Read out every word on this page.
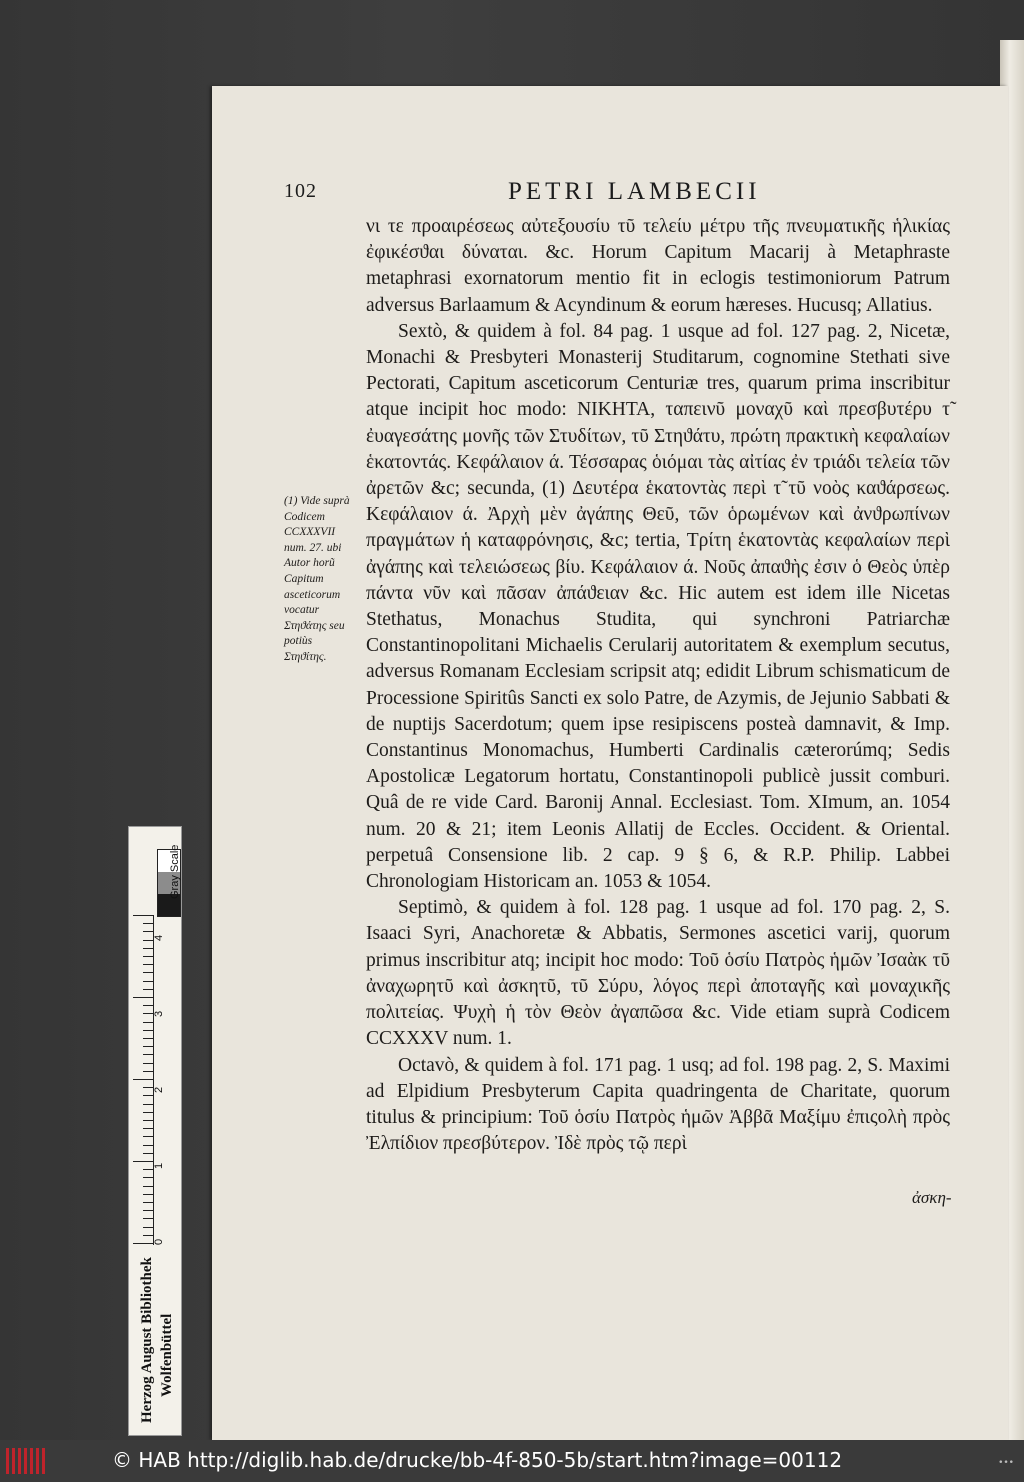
102	PETRI LAMBECII

νι τε προαιρέσεως αὐτεξουσίυ τῦ τελείυ μέτρυ τῆς πνευματικῆς ἡλικίας ἐφικέσϑαι δύναται. &c. Horum Capitum Macarij à Metaphraste metaphrasi exornatorum mentio fit in eclogis testimoniorum Patrum adversus Barlaamum & Acyndinum & eorum hæreses. Hucusq; Allatius.

Sextò, & quidem à fol. 84 pag. 1 usque ad fol. 127 pag. 2, Nicetæ, Monachi & Presbyteri Monasterij Studitarum, cognomine Stethati sive Pectorati, Capitum asceticorum Centuriæ tres, quarum prima inscribitur atque incipit hoc modo: ΝΙΚΗΤΑ, ταπεινῦ μοναχῦ καὶ πρεσβυτέρυ τ̃ ἐυαγεσάτης μονῆς τῶν Στυδίτων, τῦ Στηϑάτυ, πρώτη πρακτικὴ κεφαλαίων ἑκατοντάς. Κεφάλαιον ά. Τέσσαρας ὁιόμαι τὰς αἰτίας ἐν τριάδι τελεία τῶν ἀρετῶν &c; secunda, (1) Δευτέρα ἑκατοντὰς περὶ τ̃ τῦ νοὸς καϑάρσεως. Κεφάλαιον ά. Ἀρχὴ μὲν ἀγάπης Θεῦ, τῶν ὁρωμένων καὶ ἀνϑρωπίνων πραγμάτων ἡ καταφρόνησις, &c; tertia, Τρίτη ἑκατοντὰς κεφαλαίων περὶ ἀγάπης καὶ τελειώσεως βίυ. Κεφάλαιον ά. Νοῦς ἀπαϑὴς ἐσιν ὁ Θεὸς ὑπὲρ πάντα νῦν καὶ πᾶσαν ἀπάϑειαν &c. Hic autem est idem ille Nicetas Stethatus, Monachus Studita, qui synchroni Patriarchæ Constantinopolitani Michaelis Cerularij autoritatem & exemplum secutus, adversus Romanam Ecclesiam scripsit atq; edidit Librum schismaticum de Processione Spiritûs Sancti ex solo Patre, de Azymis, de Jejunio Sabbati & de nuptijs Sacerdotum; quem ipse resipiscens posteà damnavit, & Imp. Constantinus Monomachus, Humberti Cardinalis cæterorúmq; Sedis Apostolicæ Legatorum hortatu, Constantinopoli publicè jussit comburi. Quâ de re vide Card. Baronij Annal. Ecclesiast. Tom. XImum, an. 1054 num. 20 & 21; item Leonis Allatij de Eccles. Occident. & Oriental. perpetuâ Consensione lib. 2 cap. 9 § 6, & R.P. Philip. Labbei Chronologiam Historicam an. 1053 & 1054.

Septimò, & quidem à fol. 128 pag. 1 usque ad fol. 170 pag. 2, S. Isaaci Syri, Anachoretæ & Abbatis, Sermones ascetici varij, quorum primus inscribitur atq; incipit hoc modo: Τοῦ ὁσίυ Πατρὸς ἡμῶν Ἰσαὰκ τῦ ἀναχωρητῦ καὶ ἀσκητῦ, τῦ Σύρυ, λόγος περὶ ἀποταγῆς καὶ μοναχικῆς πολιτείας. Ψυχὴ ἡ τὸν Θεὸν ἀγαπῶσα &c. Vide etiam suprà Codicem CCXXXV num. 1.

Octavò, & quidem à fol. 171 pag. 1 usq; ad fol. 198 pag. 2, S. Maximi ad Elpidium Presbyterum Capita quadringenta de Charitate, quorum titulus & principium: Τοῦ ὁσίυ Πατρὸς ἡμῶν Ἀββᾶ Μαξίμυ ἐπιςολὴ πρὸς Ἐλπίδιον πρεσβύτερον. Ἰδὲ πρὸς τῷ περὶ

ἀσκη-
(1) Vide suprà Codicem CCXXXVII num. 27. ubi Autor horũ Capitum asceticorum vocatur Στηϑάτης seu potiùs Στηϑίτης.
Gray Scale
0
1
2
3
4
Herzog August Bibliothek Wolfenbüttel
© HAB http://diglib.hab.de/drucke/bb-4f-850-5b/start.htm?image=00112	•••
